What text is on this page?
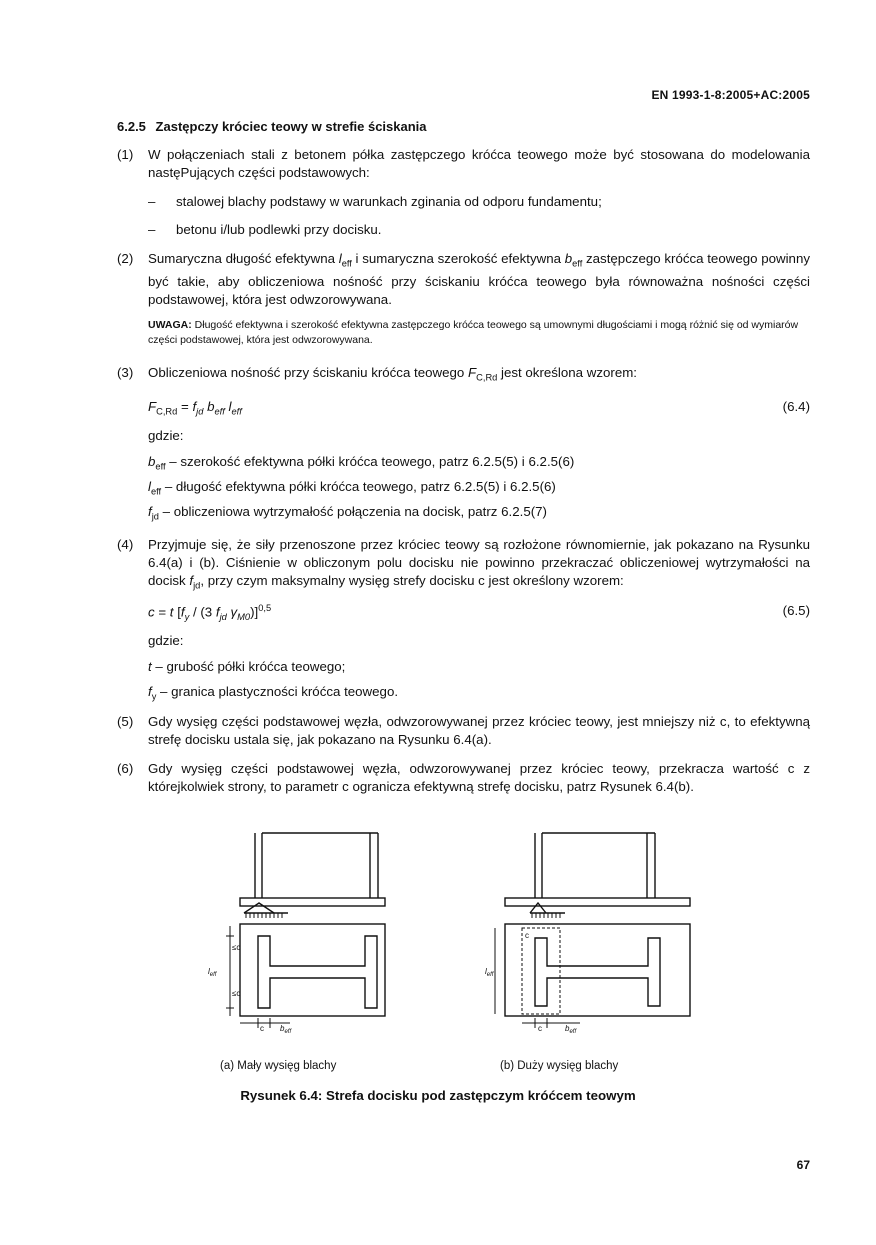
EN 1993-1-8:2005+AC:2005
6.2.5 Zastępczy króciec teowy w strefie ściskania
(1)	W połączeniach stali z betonem półka zastępczego króćca teowego może być stosowana do modelowania nastęPujących części podstawowych:
– stalowej blachy podstawy w warunkach zginania od odporu fundamentu;
– betonu i/lub podlewki przy docisku.
(2)	Sumaryczna długość efektywna $l_{eff}$ i sumaryczna szerokość efektywna $b_{eff}$ zastępczego króćca teowego powinny być takie, aby obliczeniowa nośność przy ściskaniu króćca teowego była równoważna nośności części podstawowej, która jest odwzorowywana.
UWAGA: Długość efektywna i szerokość efektywna zastępczego króćca teowego są umownymi długościami i mogą różnić się od wymiarów części podstawowej, która jest odwzorowywana.
(3)	Obliczeniowa nośność przy ściskaniu króćca teowego $F_{C,Rd}$ jest określona wzorem:
$F_{C,Rd} = f_{jd}$ $b_{eff}$ $l_{eff}$	(6.4)
gdzie:
$b_{eff}$ – szerokość efektywna półki króćca teowego, patrz 6.2.5(5) i 6.2.5(6)
$l_{eff}$ – długość efektywna półki króćca teowego, patrz 6.2.5(5) i 6.2.5(6)
$f_{jd}$ – obliczeniowa wytrzymałość połączenia na docisk, patrz 6.2.5(7)
(4)	Przyjmuje się, że siły przenoszone przez króciec teowy są rozłożone równomiernie, jak pokazano na Rysunku 6.4(a) i (b). Ciśnienie w obliczonym polu docisku nie powinno przekraczać obliczeniowej wytrzymałości na docisk $f_{jd}$, przy czym maksymalny wysięg strefy docisku c jest określony wzorem:
c = t [$f_y / (3$ $f_{jd}$ $\gamma_{M0})]^{0,5}$	(6.5)
gdzie:
t – grubość półki króćca teowego;
$f_y$ – granica plastyczności króćca teowego.
(5)	Gdy wysięg części podstawowej węzła, odwzorowywanej przez króciec teowy, jest mniejszy niż c, to efektywną strefę docisku ustala się, jak pokazano na Rysunku 6.4(a).
(6)	Gdy wysięg części podstawowej węzła, odwzorowywanej przez króciec teowy, przekracza wartość c z którejkolwiek strony, to parametr c ogranicza efektywną strefę docisku, patrz Rysunek 6.4(b).
≤c
≤c
$l_{eff}$
c $b_{eff}$
c
$l_{eff}$
c	$b_{eff}$
(a) Mały wysięg blachy	(b) Duży wysięg blachy
Rysunek 6.4: Strefa docisku pod zastępczym króćcem teowym
67
